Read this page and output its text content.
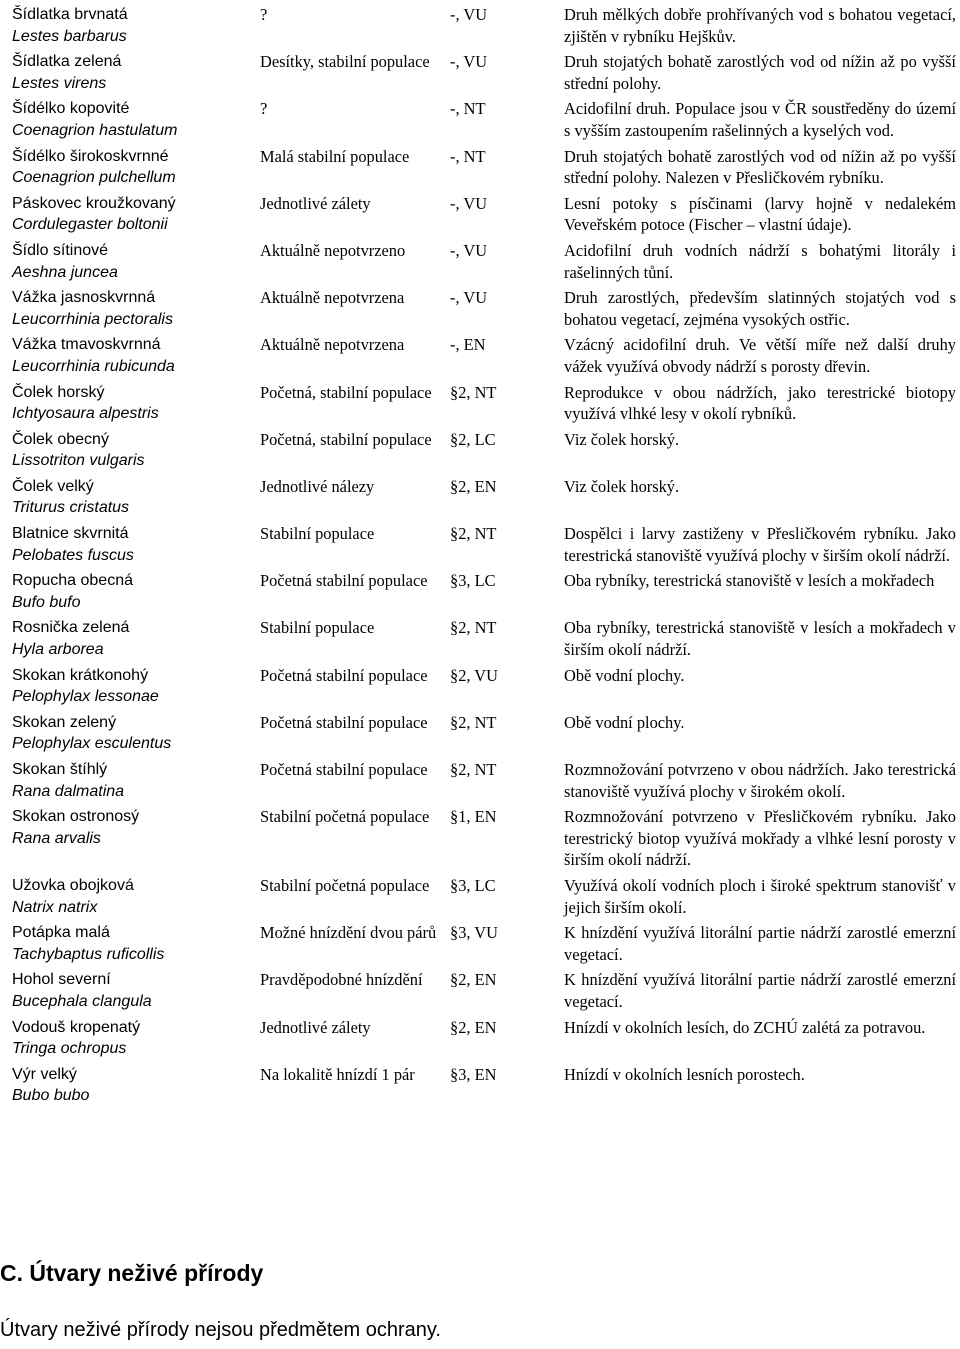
Šídlatka brvnatá
Lestes barbarus	?	-, VU	Druh mělkých dobře prohřívaných vod s bohatou vegetací, zjištěn v rybníku Hejškův.

Šídlatka zelená
Lestes virens	Desítky, stabilní populace	-, VU	Druh stojatých bohatě zarostlých vod od nížin až po vyšší střední polohy.

Šídélko kopovité
Coenagrion hastulatum	?	-, NT	Acidofilní druh. Populace jsou v ČR soustředěny do území s vyšším zastoupením rašelinných a kyselých vod.

Šídélko širokoskvrnné
Coenagrion pulchellum	Malá stabilní populace	-, NT	Druh stojatých bohatě zarostlých vod od nížin až po vyšší střední polohy. Nalezen v Přesličkovém rybníku.

Páskovec kroužkovaný
Cordulegaster boltonii	Jednotlivé zálety	-, VU	Lesní potoky s písčinami (larvy hojně v nedalekém Veveřském potoce (Fischer – vlastní údaje).

Šídlo sítinové
Aeshna juncea	Aktuálně nepotvrzeno	-, VU	Acidofilní druh vodních nádrží s bohatými litorály i rašelinných tůní.

Vážka jasnoskvrnná
Leucorrhinia pectoralis	Aktuálně nepotvrzena	-, VU	Druh zarostlých, především slatinných stojatých vod s bohatou vegetací, zejména vysokých ostřic.

Vážka tmavoskvrnná
Leucorrhinia rubicunda	Aktuálně nepotvrzena	-, EN	Vzácný acidofilní druh. Ve větší míře než další druhy vážek využívá obvody nádrží s porosty dřevin.

Čolek horský
Ichtyosaura alpestris	Početná, stabilní populace	§2, NT	Reprodukce v obou nádržích, jako terestrické biotopy využívá vlhké lesy v okolí rybníků.

Čolek obecný
Lissotriton vulgaris	Početná, stabilní populace	§2, LC	Viz čolek horský.

Čolek velký
Triturus cristatus	Jednotlivé nálezy	§2, EN	Viz čolek horský.

Blatnice skvrnitá
Pelobates fuscus	Stabilní populace	§2, NT	Dospělci i larvy zastiženy v Přesličkovém rybníku. Jako terestrická stanoviště využívá plochy v širším okolí nádrží.

Ropucha obecná
Bufo bufo	Početná stabilní populace	§3, LC	Oba rybníky, terestrická stanoviště v lesích a mokřadech

Rosnička zelená
Hyla arborea	Stabilní populace	§2, NT	Oba rybníky, terestrická stanoviště v lesích a mokřadech v širším okolí nádrží.

Skokan krátkonohý
Pelophylax lessonae	Početná stabilní populace	§2, VU	Obě vodní plochy.

Skokan zelený
Pelophylax esculentus	Početná stabilní populace	§2, NT	Obě vodní plochy.

Skokan štíhlý
Rana dalmatina	Početná stabilní populace	§2, NT	Rozmnožování potvrzeno v obou nádržích. Jako terestrická stanoviště využívá plochy v širokém okolí.

Skokan ostronosý
Rana arvalis	Stabilní početná populace	§1, EN	Rozmnožování potvrzeno v Přesličkovém rybníku. Jako terestrický biotop využívá mokřady a vlhké lesní porosty v širším okolí nádrží.

Užovka obojková
Natrix natrix	Stabilní početná populace	§3, LC	Využívá okolí vodních ploch i široké spektrum stanovišť v jejich širším okolí.

Potápka malá
Tachybaptus ruficollis	Možné hnízdění dvou párů	§3, VU	K hnízdění využívá litorální partie nádrží zarostlé emerzní vegetací.

Hohol severní
Bucephala clangula	Pravděpodobné hnízdění	§2, EN	K hnízdění využívá litorální partie nádrží zarostlé emerzní vegetací.

Vodouš kropenatý
Tringa ochropus	Jednotlivé zálety	§2, EN	Hnízdí v okolních lesích, do ZCHÚ zalétá za potravou.

Výr velký
Bubo bubo	Na lokalitě hnízdí 1 pár	§3, EN	Hnízdí v okolních lesních porostech.
C. Útvary neživé přírody

Útvary neživé přírody nejsou předmětem ochrany.
